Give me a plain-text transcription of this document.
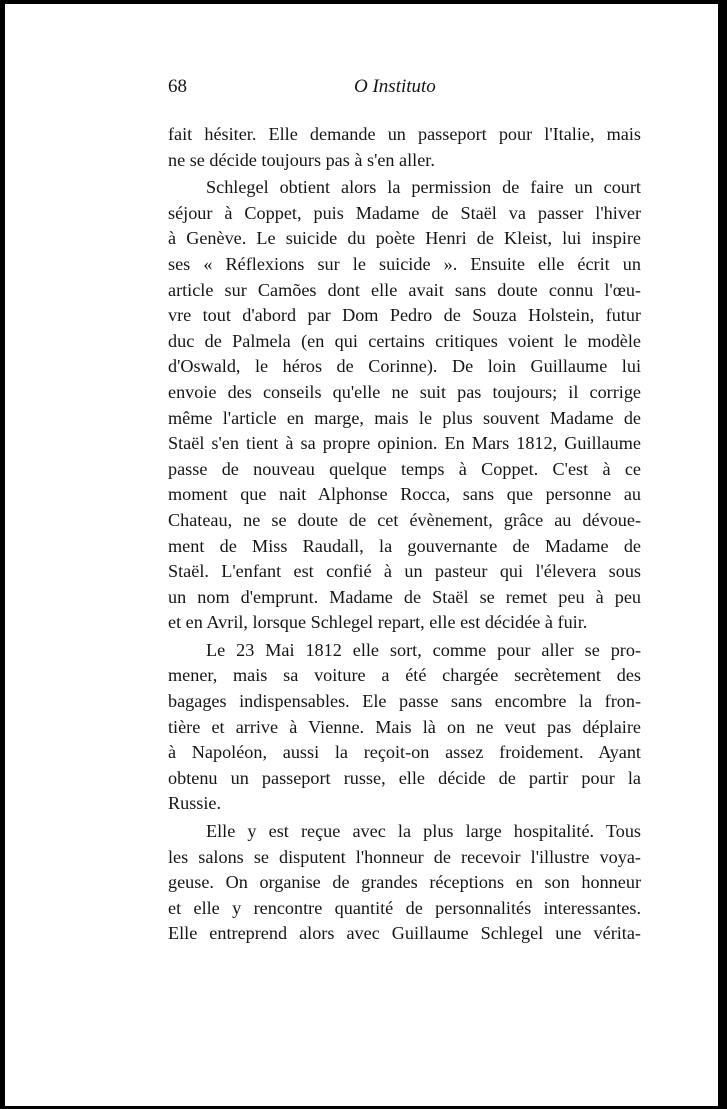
68	O Instituto
fait hésiter. Elle demande un passeport pour l'Italie, mais
ne se décide toujours pas à s'en aller.
Schlegel obtient alors la permission de faire un court
séjour à Coppet, puis Madame de Staël va passer l'hiver
à Genève. Le suicide du poète Henri de Kleist, lui inspire
ses « Réflexions sur le suicide ». Ensuite elle écrit un
article sur Camões dont elle avait sans doute connu l'œu-
vre tout d'abord par Dom Pedro de Souza Holstein, futur
duc de Palmela (en qui certains critiques voient le modèle
d'Oswald, le héros de Corinne). De loin Guillaume lui
envoie des conseils qu'elle ne suit pas toujours; il corrige
même l'article en marge, mais le plus souvent Madame de
Staël s'en tient à sa propre opinion. En Mars 1812, Guillaume
passe de nouveau quelque temps à Coppet. C'est à ce
moment que nait Alphonse Rocca, sans que personne au
Chateau, ne se doute de cet évènement, grâce au dévoue-
ment de Miss Raudall, la gouvernante de Madame de
Staël. L'enfant est confié à un pasteur qui l'élevera sous
un nom d'emprunt. Madame de Staël se remet peu à peu
et en Avril, lorsque Schlegel repart, elle est décidée à fuir.
Le 23 Mai 1812 elle sort, comme pour aller se pro-
mener, mais sa voiture a été chargée secrètement des
bagages indispensables. Ele passe sans encombre la fron-
tière et arrive à Vienne. Mais là on ne veut pas déplaire
à Napoléon, aussi la reçoit-on assez froidement. Ayant
obtenu un passeport russe, elle décide de partir pour la
Russie.
Elle y est reçue avec la plus large hospitalité. Tous
les salons se disputent l'honneur de recevoir l'illustre voya-
geuse. On organise de grandes réceptions en son honneur
et elle y rencontre quantité de personnalités interessantes.
Elle entreprend alors avec Guillaume Schlegel une vérita-
